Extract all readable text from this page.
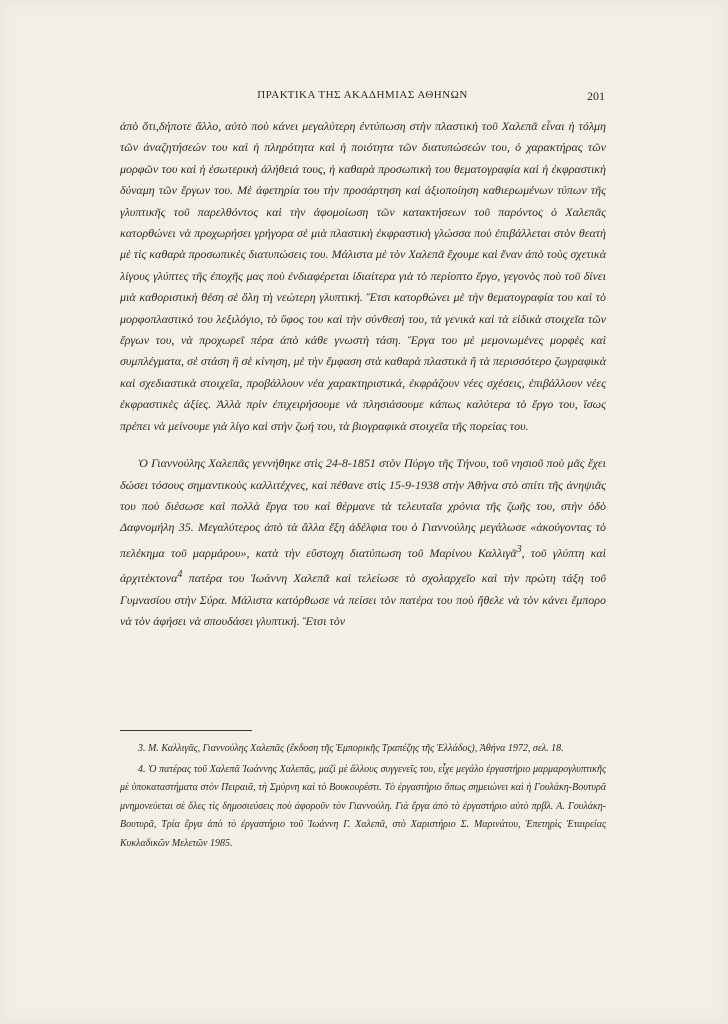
ΠΡΑΚΤΙΚΑ ΤΗΣ ΑΚΑΔΗΜΙΑΣ ΑΘΗΝΩΝ	201

ἀπὸ ὅτι,δήποτε ἄλλο, αὐτὸ ποὺ κάνει μεγαλύτερη ἐντύπωση στὴν πλαστικὴ τοῦ Χαλεπᾶ εἶναι ἡ τόλμη τῶν ἀναζητήσεών του καὶ ἡ πληρότητα καὶ ἡ ποιότητα τῶν διατυπώσεών του, ὁ χαρακτήρας τῶν μορφῶν του καὶ ἡ ἐσωτερικὴ ἀλήθειά τους, ἡ καθαρὰ προσωπικὴ του θεματογραφία καὶ ἡ ἐκφραστικὴ δύναμη τῶν ἔργων του. Μὲ ἀφετηρία του τὴν προσάρτηση καὶ ἀξιοποίηση καθιερωμένων τύπων τῆς γλυπτικῆς τοῦ παρελθόντος καὶ τὴν ἀφομοίωση τῶν κατακτήσεων τοῦ παρόντος ὁ Χαλεπᾶς κατορθώνει νὰ προχωρήσει γρήγορα σὲ μιὰ πλαστικὴ ἐκφραστικὴ γλώσσα ποὺ ἐπιβάλλεται στὸν θεατὴ μὲ τὶς καθαρὰ προσωπικὲς διατυπώσεις του. Μάλιστα μὲ τὸν Χαλεπᾶ ἔχουμε καὶ ἕναν ἀπὸ τοὺς σχετικὰ λίγους γλύπτες τῆς ἐποχῆς μας ποὺ ἐνδιαφέρεται ἰδιαίτερα γιὰ τὸ περίοπτο ἔργο, γεγονὸς ποὺ τοῦ δίνει μιὰ καθοριστικὴ θέση σὲ ὅλη τὴ νεώτερη γλυπτική. Ἔτσι κατορθώνει μὲ τὴν θεματογραφία του καὶ τὸ μορφοπλαστικό του λεξιλόγιο, τὸ ὕφος του καὶ τὴν σύνθεσή του, τὰ γενικὰ καὶ τὰ εἰδικὰ στοιχεῖα τῶν ἔργων του, νὰ προχωρεῖ πέρα ἀπὸ κάθε γνωστὴ τάση. Ἔργα του μὲ μεμονωμένες μορφὲς καὶ συμπλέγματα, σὲ στάση ἢ σὲ κίνηση, μὲ τὴν ἔμφαση στὰ καθαρὰ πλαστικὰ ἢ τὰ περισσότερο ζωγραφικὰ καὶ σχεδιαστικὰ στοιχεῖα, προβάλλουν νέα χαρακτηριστικά, ἐκφράζουν νέες σχέσεις, ἐπιβάλλουν νέες ἐκφραστικὲς ἀξίες. Ἀλλὰ πρὶν ἐπιχειρήσουμε νὰ πλησιάσουμε κάπως καλύτερα τὸ ἔργο του, ἴσως πρέπει νὰ μείνουμε γιὰ λίγο καὶ στὴν ζωή του, τὰ βιογραφικὰ στοιχεῖα τῆς πορείας του.

Ὁ Γιαννούλης Χαλεπᾶς γεννήθηκε στὶς 24-8-1851 στὸν Πύργο τῆς Τήνου, τοῦ νησιοῦ ποὺ μᾶς ἔχει δώσει τόσους σημαντικοὺς καλλιτέχνες, καὶ πέθανε στὶς 15-9-1938 στὴν Ἀθήνα στὸ σπίτι τῆς ἀνηψιᾶς του ποὺ διέσωσε καὶ πολλὰ ἔργα του καὶ θέρμανε τὰ τελευταῖα χρόνια τῆς ζωῆς του, στὴν ὁδὸ Δαφνομήλη 35. Μεγαλύτερος ἀπὸ τὰ ἄλλα ἕξη ἀδέλφια του ὁ Γιαννούλης μεγάλωσε «ἀκούγοντας τὸ πελέκημα τοῦ μαρμάρου», κατὰ τὴν εὔστοχη διατύπωση τοῦ Μαρίνου Καλλιγᾶ$^3$, τοῦ γλύπτη καὶ ἀρχιτέκτονα$^4$ πατέρα του Ἰωάννη Χαλεπᾶ καὶ τελείωσε τὸ σχολαρχεῖο καὶ τὴν πρώτη τάξη τοῦ Γυμνασίου στὴν Σύρα. Μάλιστα κατόρθωσε νὰ πείσει τὸν πατέρα του ποὺ ἤθελε νὰ τὸν κάνει ἔμπορο νὰ τὸν ἀφήσει νὰ σπουδάσει γλυπτική. Ἔτσι τὸν

3. Μ. Καλλιγᾶς, Γιαννούλης Χαλεπᾶς (ἔκδοση τῆς Ἐμπορικῆς Τραπέζης τῆς Ἑλλάδος), Ἀθήνα 1972, σελ. 18.

4. Ὁ πατέρας τοῦ Χαλεπᾶ Ἰωάννης Χαλεπᾶς, μαζὶ μὲ ἄλλους συγγενεῖς του, εἶχε μεγάλο ἐργαστήριο μαρμαρογλυπτικῆς μὲ ὑποκαταστήματα στὸν Πειραιᾶ, τὴ Σμύρνη καὶ τὸ Βουκουρέστι. Τὸ ἐργαστήριο ὅπως σημειώνει καὶ ἡ Γουλάκη-Βουτυρᾶ μνημονεύεται σὲ ὅλες τὶς δημοσιεύσεις ποὺ ἀφοροῦν τὸν Γιαννούλη. Γιὰ ἔργα ἀπὸ τὸ ἐργαστήριο αὐτὸ πρβλ. Α. Γουλάκη-Βουτυρᾶ, Τρία ἔργα ἀπὸ τὸ ἐργαστήριο τοῦ Ἰωάννη Γ. Χαλεπᾶ, στὸ Χαριστήριο Σ. Μαρινάτου, Ἐπετηρὶς Ἑταιρείας Κυκλαδικῶν Μελετῶν 1985.
